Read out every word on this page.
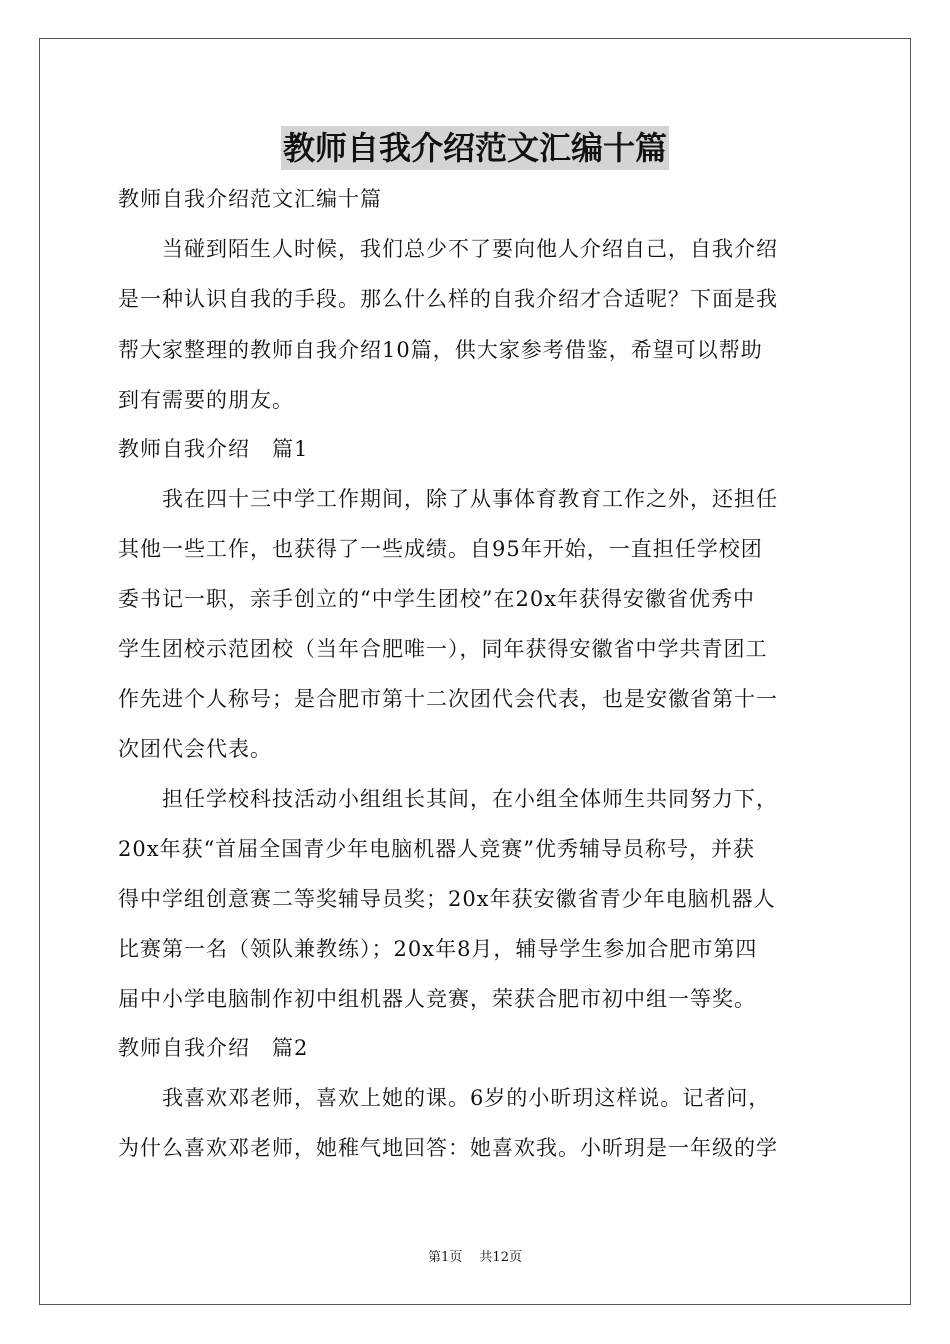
教师自我介绍范文汇编十篇
教师自我介绍范文汇编十篇
　　当碰到陌生人时候，我们总少不了要向他人介绍自己，自我介绍
是一种认识自我的手段。那么什么样的自我介绍才合适呢？下面是我
帮大家整理的教师自我介绍10篇，供大家参考借鉴，希望可以帮助
到有需要的朋友。
教师自我介绍　篇1
　　我在四十三中学工作期间，除了从事体育教育工作之外，还担任
其他一些工作，也获得了一些成绩。自95年开始，一直担任学校团
委书记一职，亲手创立的“中学生团校”在20x年获得安徽省优秀中
学生团校示范团校（当年合肥唯一），同年获得安徽省中学共青团工
作先进个人称号；是合肥市第十二次团代会代表，也是安徽省第十一
次团代会代表。
　　担任学校科技活动小组组长其间，在小组全体师生共同努力下，
20x年获“首届全国青少年电脑机器人竞赛”优秀辅导员称号，并获
得中学组创意赛二等奖辅导员奖；20x年获安徽省青少年电脑机器人
比赛第一名（领队兼教练）；20x年8月，辅导学生参加合肥市第四
届中小学电脑制作初中组机器人竞赛，荣获合肥市初中组一等奖。
教师自我介绍　篇2
　　我喜欢邓老师，喜欢上她的课。6岁的小昕玥这样说。记者问，
为什么喜欢邓老师，她稚气地回答：她喜欢我。小昕玥是一年级的学
第1页　 共12页
